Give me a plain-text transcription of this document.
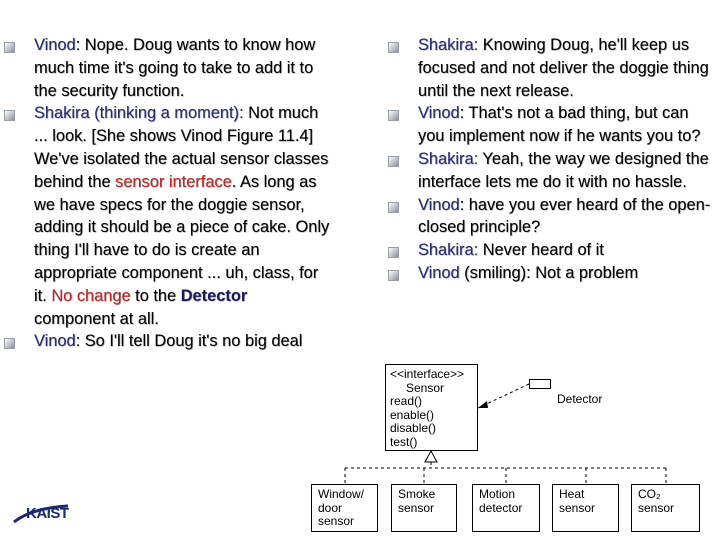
Vinod: Nope. Doug wants to know how much time it's going to take to add it to the security function.
Shakira (thinking a moment): Not much ... look. [She shows Vinod Figure 11.4] We've isolated the actual sensor classes behind the sensor interface. As long as we have specs for the doggie sensor, adding it should be a piece of cake. Only thing I'll have to do is create an appropriate component ... uh, class, for it. No change to the Detector component at all.
Vinod: So I'll tell Doug it's no big deal
Shakira: Knowing Doug, he'll keep us focused and not deliver the doggie thing until the next release.
Vinod: That's not a bad thing, but can you implement now if he wants you to?
Shakira: Yeah, the way we designed the interface lets me do it with no hassle.
Vinod: have you ever heard of the open-closed principle?
Shakira: Never heard of it
Vinod (smiling): Not a problem
<<interface>>
Sensor
read()
enable()
disable()
test()
Detector
Window/
door
sensor
Smoke
sensor
Motion
detector
Heat
sensor
CO₂
sensor
KAIST
